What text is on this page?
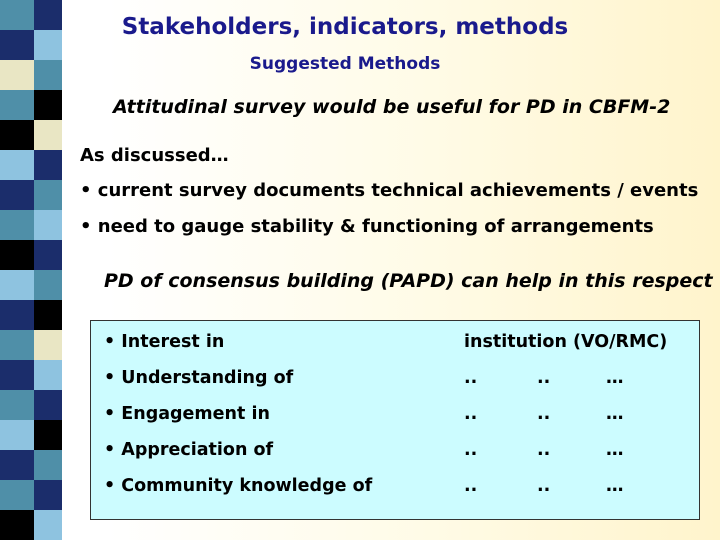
Stakeholders, indicators, methods
Suggested Methods
Attitudinal survey would be useful for PD in CBFM-2
As discussed…
• current survey documents technical achievements / events
• need to gauge stability & functioning of arrangements
PD of consensus building (PAPD) can help in this respect
• Interest in	institution (VO/RMC)
• Understanding of	..	..	…
• Engagement in	..	..	…
• Appreciation of	..	..	…
• Community knowledge of	..	..	…
